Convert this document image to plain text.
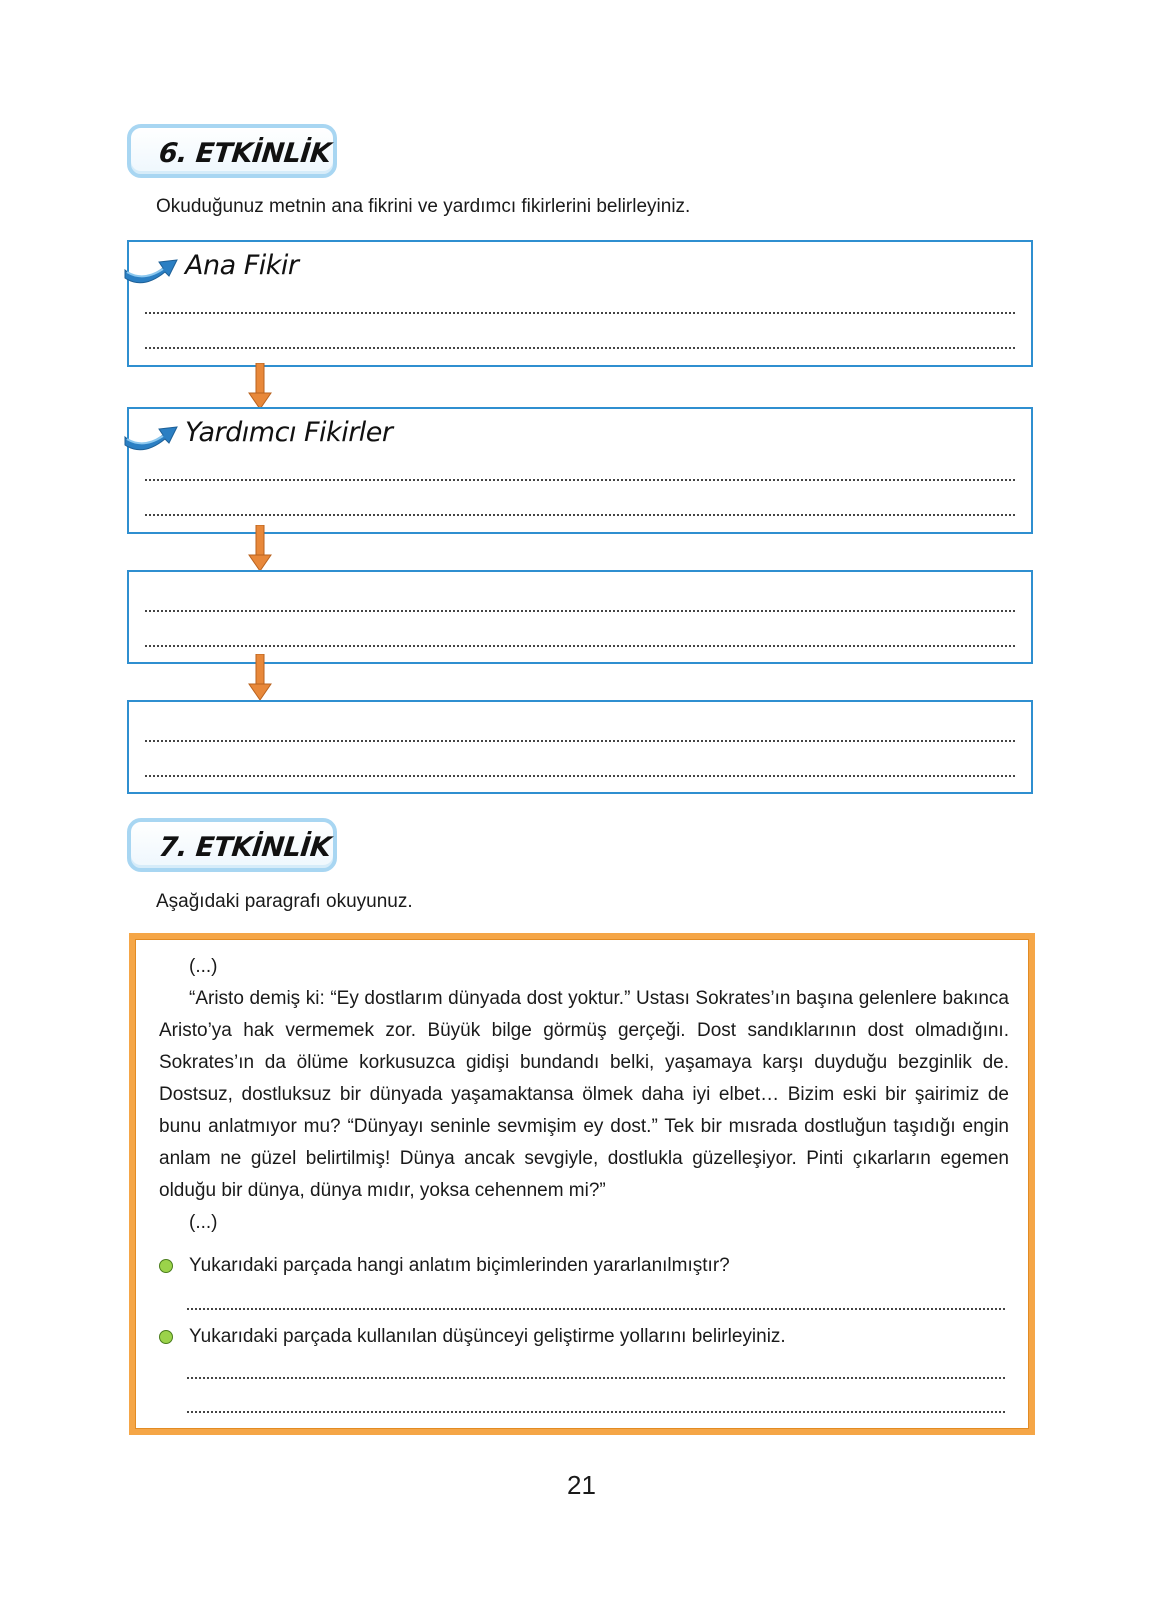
6. ETKİNLİK
Okuduğunuz metnin ana fikrini ve yardımcı fikirlerini belirleyiniz.
Ana Fikir
Yardımcı Fikirler
7. ETKİNLİK
Aşağıdaki paragrafı okuyunuz.

(...)

“Aristo demiş ki: “Ey dostlarım dünyada dost yoktur.” Ustası Sokrates’ın başına gelenlere bakınca Aristo’ya hak vermemek zor. Büyük bilge görmüş gerçeği. Dost sandıklarının dost olmadığını. Sokrates’ın da ölüme korkusuzca gidişi bundandı belki, yaşamaya karşı duyduğu bezginlik de. Dostsuz, dostluksuz bir dünyada yaşamaktansa ölmek daha iyi elbet… Bizim eski bir şairimiz de bunu anlatmıyor mu? “Dünyayı seninle sevmişim ey dost.” Tek bir mısrada dostluğun taşıdığı engin anlam ne güzel belirtilmiş! Dünya ancak sevgiyle, dostlukla güzelleşiyor. Pinti çıkarların egemen olduğu bir dünya, dünya mıdır, yoksa cehennem mi?”

(...)

Yukarıdaki parçada hangi anlatım biçimlerinden yararlanılmıştır?
Yukarıdaki parçada kullanılan düşünceyi geliştirme yollarını belirleyiniz.
21
